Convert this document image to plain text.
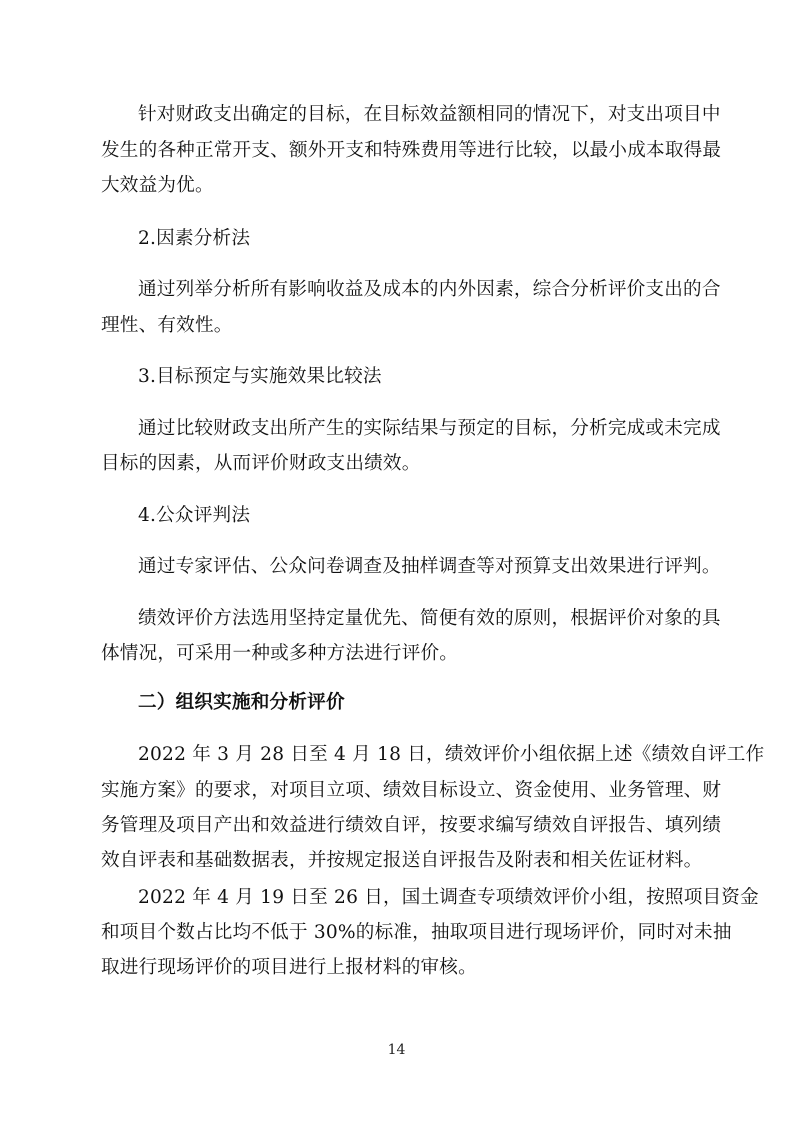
针对财政支出确定的目标，在目标效益额相同的情况下，对支出项目中
发生的各种正常开支、额外开支和特殊费用等进行比较，以最小成本取得最
大效益为优。
2.因素分析法
通过列举分析所有影响收益及成本的内外因素，综合分析评价支出的合
理性、有效性。
3.目标预定与实施效果比较法
通过比较财政支出所产生的实际结果与预定的目标，分析完成或未完成
目标的因素，从而评价财政支出绩效。
4.公众评判法
通过专家评估、公众问卷调查及抽样调查等对预算支出效果进行评判。
绩效评价方法选用坚持定量优先、简便有效的原则，根据评价对象的具
体情况，可采用一种或多种方法进行评价。
二）组织实施和分析评价
2022 年 3 月 28 日至 4 月 18 日，绩效评价小组依据上述《绩效自评工作
实施方案》的要求，对项目立项、绩效目标设立、资金使用、业务管理、财
务管理及项目产出和效益进行绩效自评，按要求编写绩效自评报告、填列绩
效自评表和基础数据表，并按规定报送自评报告及附表和相关佐证材料。
2022 年 4 月 19 日至 26 日，国土调查专项绩效评价小组，按照项目资金
和项目个数占比均不低于 30%的标准，抽取项目进行现场评价，同时对未抽
取进行现场评价的项目进行上报材料的审核。
14
